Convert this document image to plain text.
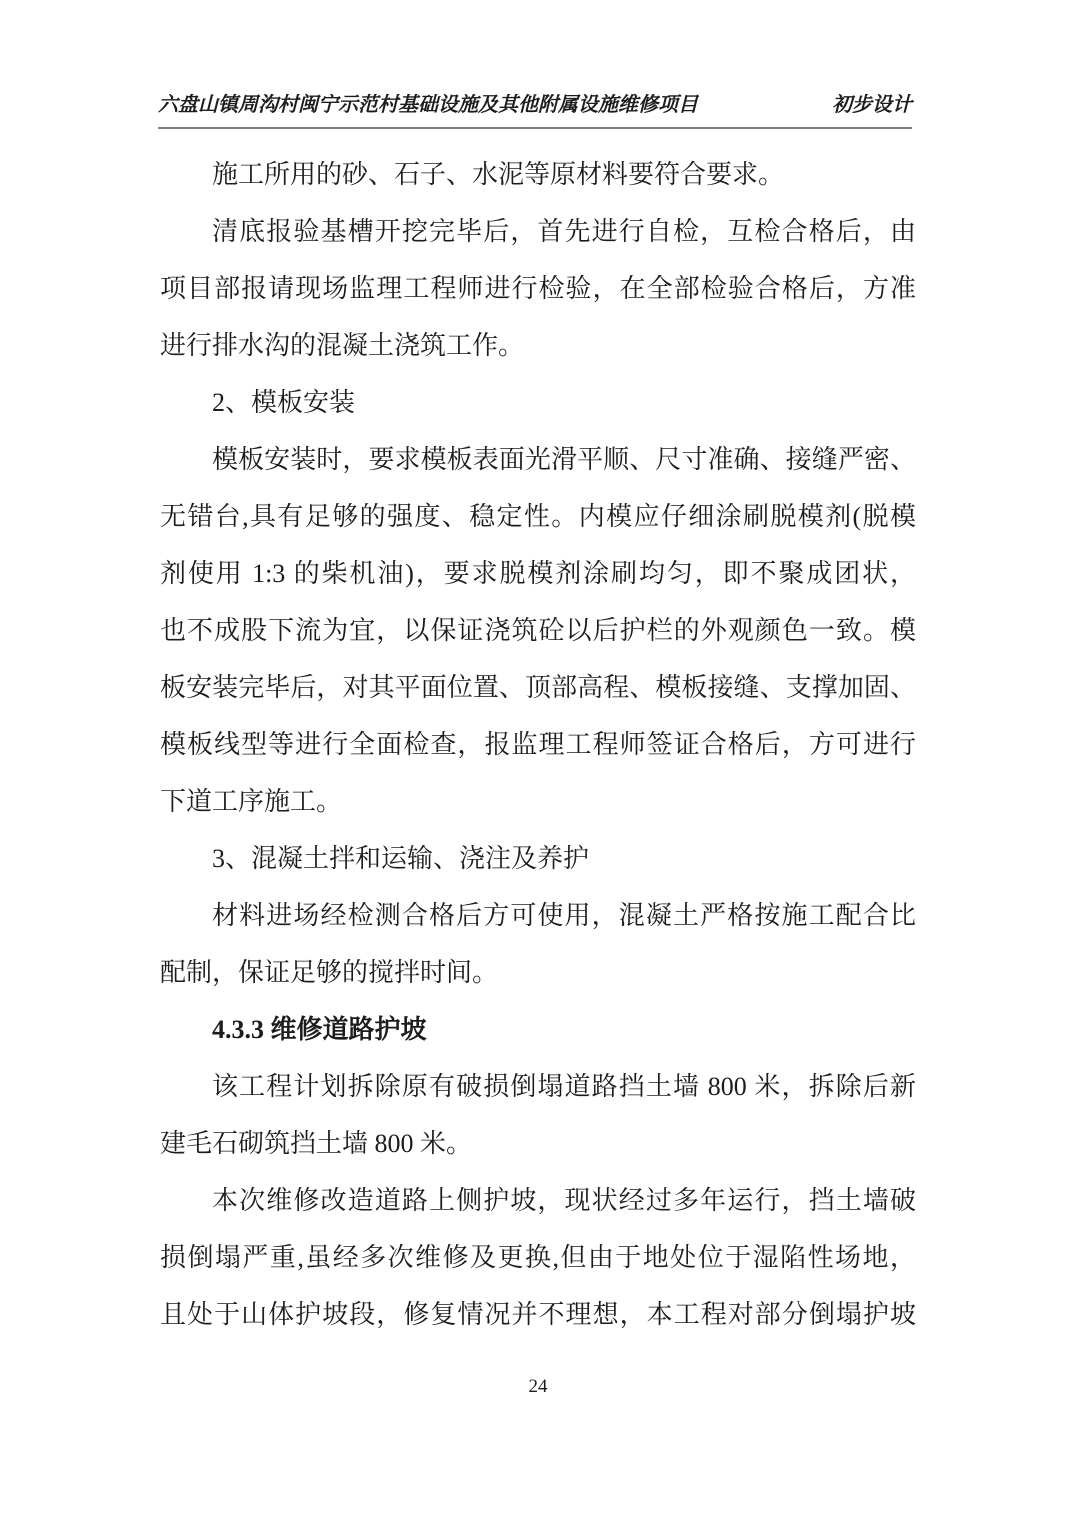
六盘山镇周沟村闽宁示范村基础设施及其他附属设施维修项目	初步设计
施工所用的砂、石子、水泥等原材料要符合要求。
清底报验基槽开挖完毕后，首先进行自检，互检合格后，由
项目部报请现场监理工程师进行检验，在全部检验合格后，方准
进行排水沟的混凝土浇筑工作。
2、模板安装
模板安装时，要求模板表面光滑平顺、尺寸准确、接缝严密、
无错台,具有足够的强度、稳定性。内模应仔细涂刷脱模剂(脱模
剂使用 1:3 的柴机油)，要求脱模剂涂刷均匀，即不聚成团状，
也不成股下流为宜，以保证浇筑砼以后护栏的外观颜色一致。模
板安装完毕后，对其平面位置、顶部高程、模板接缝、支撑加固、
模板线型等进行全面检查，报监理工程师签证合格后，方可进行
下道工序施工。
3、混凝土拌和运输、浇注及养护
材料进场经检测合格后方可使用，混凝土严格按施工配合比
配制，保证足够的搅拌时间。
4.3.3 维修道路护坡
该工程计划拆除原有破损倒塌道路挡土墙 800 米，拆除后新
建毛石砌筑挡土墙 800 米。
本次维修改造道路上侧护坡，现状经过多年运行，挡土墙破
损倒塌严重,虽经多次维修及更换,但由于地处位于湿陷性场地，
且处于山体护坡段，修复情况并不理想，本工程对部分倒塌护坡
24
